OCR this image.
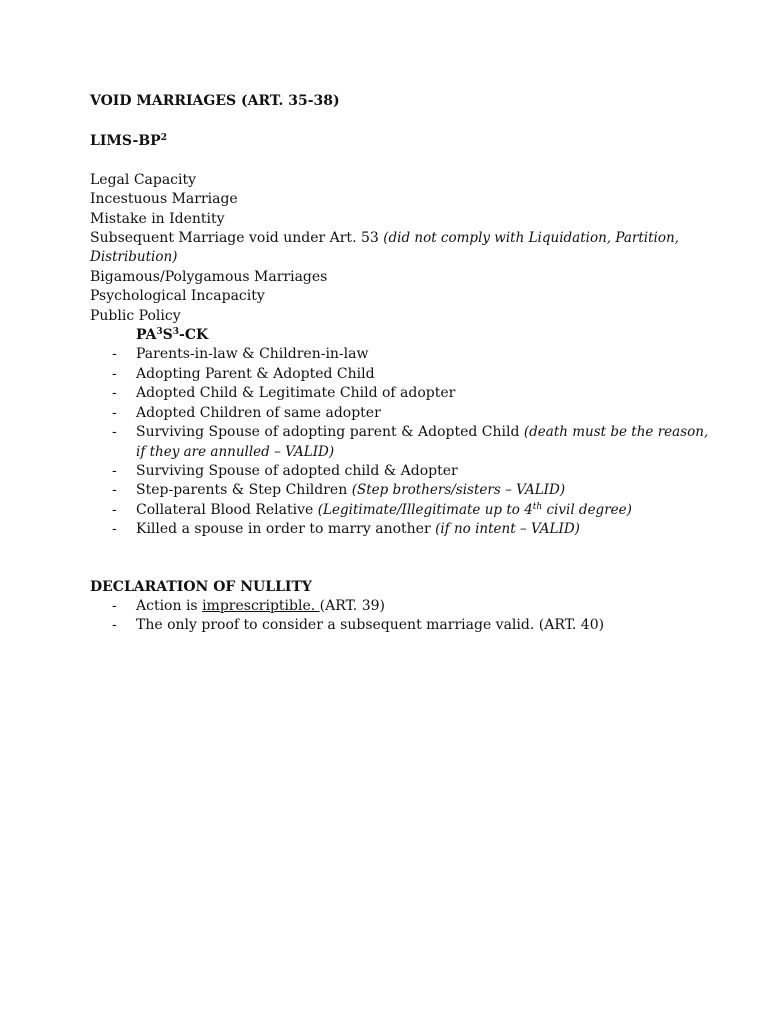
VOID MARRIAGES (ART. 35-38)
LIMS-$BP^2$
Legal Capacity
Incestuous Marriage
Mistake in Identity
Subsequent Marriage void under Art. 53 (did not comply with Liquidation, Partition, Distribution)
Bigamous/Polygamous Marriages
Psychological Incapacity
Public Policy
$PA^3S^3-CK$
- Parents-in-law & Children-in-law
- Adopting Parent & Adopted Child
- Adopted Child & Legitimate Child of adopter
- Adopted Children of same adopter
- Surviving Spouse of adopting parent & Adopted Child (death must be the reason, if they are annulled – VALID)
- Surviving Spouse of adopted child & Adopter
- Step-parents & Step Children (Step brothers/sisters – VALID)
- Collateral Blood Relative (Legitimate/Illegitimate up to 4th civil degree)
- Killed a spouse in order to marry another (if no intent – VALID)
DECLARATION OF NULLITY
- Action is imprescriptible. (ART. 39)
- The only proof to consider a subsequent marriage valid. (ART. 40)
